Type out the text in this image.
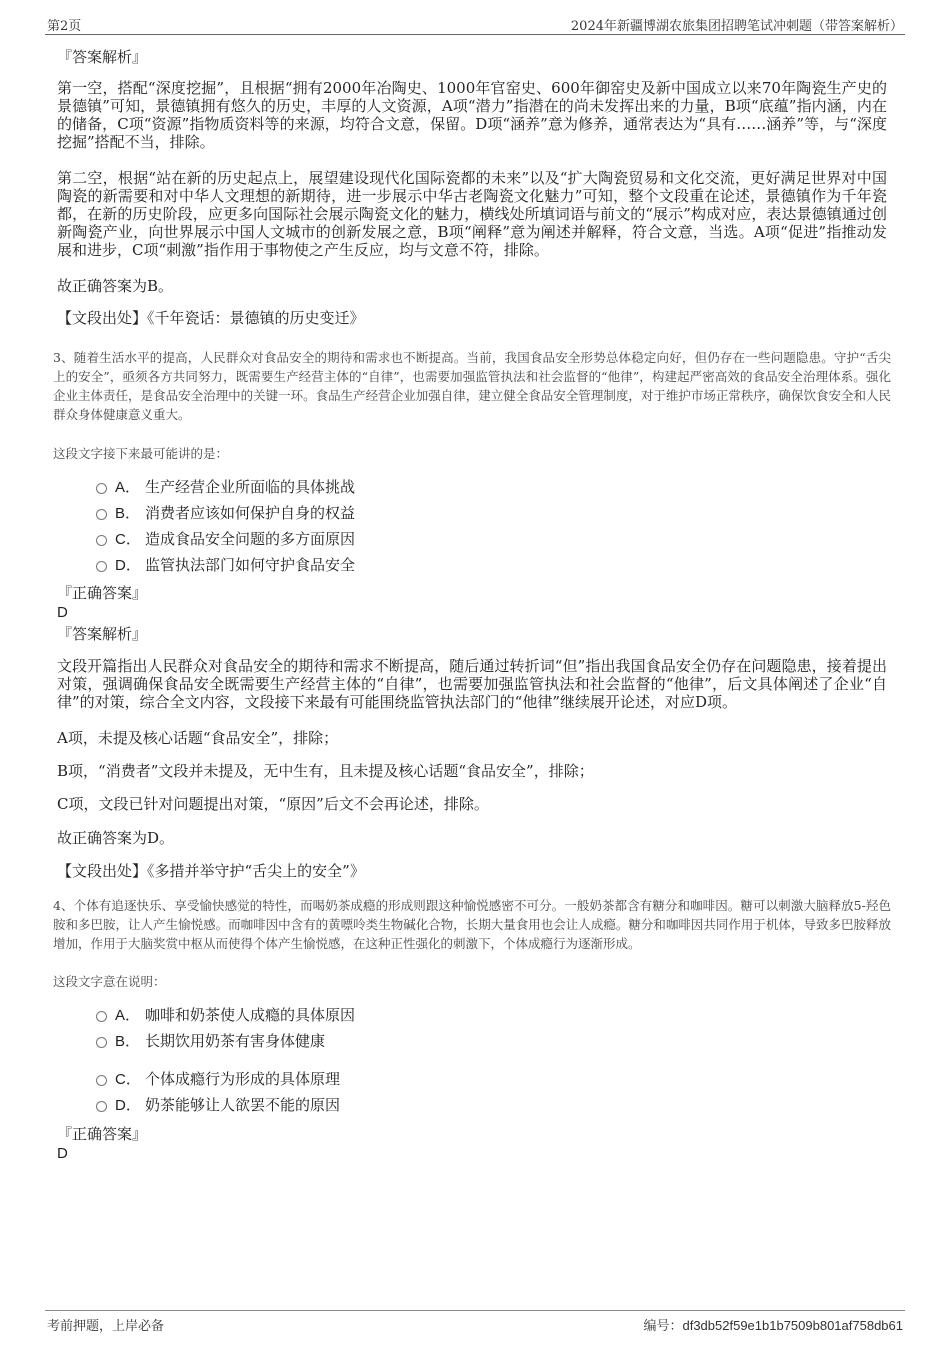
第2页	2024年新疆博湖农旅集团招聘笔试冲刺题（带答案解析）

『答案解析』

第一空，搭配“深度挖掘”，且根据“拥有2000年冶陶史、1000年官窑史、600年御窑史及新中国成立以来70年陶瓷生产史的景德镇”可知，景德镇拥有悠久的历史，丰厚的人文资源，A项“潜力”指潜在的尚未发挥出来的力量，B项“底蕴”指内涵，内在的储备，C项“资源”指物质资料等的来源，均符合文意，保留。D项“涵养”意为修养，通常表达为“具有……涵养”等，与“深度挖掘”搭配不当，排除。

第二空，根据“站在新的历史起点上，展望建设现代化国际瓷都的未来”以及“扩大陶瓷贸易和文化交流，更好满足世界对中国陶瓷的新需要和对中华人文理想的新期待，进一步展示中华古老陶瓷文化魅力”可知，整个文段重在论述，景德镇作为千年瓷都，在新的历史阶段，应更多向国际社会展示陶瓷文化的魅力，横线处所填词语与前文的“展示”构成对应，表达景德镇通过创新陶瓷产业，向世界展示中国人文城市的创新发展之意，B项“阐释”意为阐述并解释，符合文意，当选。A项“促进”指推动发展和进步，C项“刺激”指作用于事物使之产生反应，均与文意不符，排除。

故正确答案为B。

【文段出处】《千年瓷话：景德镇的历史变迁》

3、随着生活水平的提高，人民群众对食品安全的期待和需求也不断提高。当前，我国食品安全形势总体稳定向好，但仍存在一些问题隐患。守护“舌尖上的安全”，亟须各方共同努力，既需要生产经营主体的“自律”，也需要加强监管执法和社会监督的“他律”，构建起严密高效的食品安全治理体系。强化企业主体责任，是食品安全治理中的关键一环。食品生产经营企业加强自律，建立健全食品安全管理制度，对于维护市场正常秩序，确保饮食安全和人民群众身体健康意义重大。

这段文字接下来最可能讲的是：

A． 生产经营企业所面临的具体挑战
B． 消费者应该如何保护自身的权益
C． 造成食品安全问题的多方面原因
D． 监管执法部门如何守护食品安全

『正确答案』

D

『答案解析』

文段开篇指出人民群众对食品安全的期待和需求不断提高，随后通过转折词“但”指出我国食品安全仍存在问题隐患，接着提出对策，强调确保食品安全既需要生产经营主体的“自律”，也需要加强监管执法和社会监督的“他律”，后文具体阐述了企业“自律”的对策，综合全文内容，文段接下来最有可能围绕监管执法部门的“他律”继续展开论述，对应D项。

A项，未提及核心话题“食品安全”，排除；

B项，“消费者”文段并未提及，无中生有，且未提及核心话题“食品安全”，排除；

C项，文段已针对问题提出对策，“原因”后文不会再论述，排除。

故正确答案为D。

【文段出处】《多措并举守护“舌尖上的安全”》

4、个体有追逐快乐、享受愉快感觉的特性，而喝奶茶成瘾的形成则跟这种愉悦感密不可分。一般奶茶都含有糖分和咖啡因。糖可以刺激大脑释放5-羟色胺和多巴胺，让人产生愉悦感。而咖啡因中含有的黄嘌呤类生物碱化合物，长期大量食用也会让人成瘾。糖分和咖啡因共同作用于机体，导致多巴胺释放增加，作用于大脑奖赏中枢从而使得个体产生愉悦感，在这种正性强化的刺激下，个体成瘾行为逐渐形成。

这段文字意在说明：

A． 咖啡和奶茶使人成瘾的具体原因
B． 长期饮用奶茶有害身体健康
C． 个体成瘾行为形成的具体原理
D． 奶茶能够让人欲罢不能的原因

『正确答案』

D

考前押题，上岸必备	编号：df3db52f59e1b1b7509b801af758db61
